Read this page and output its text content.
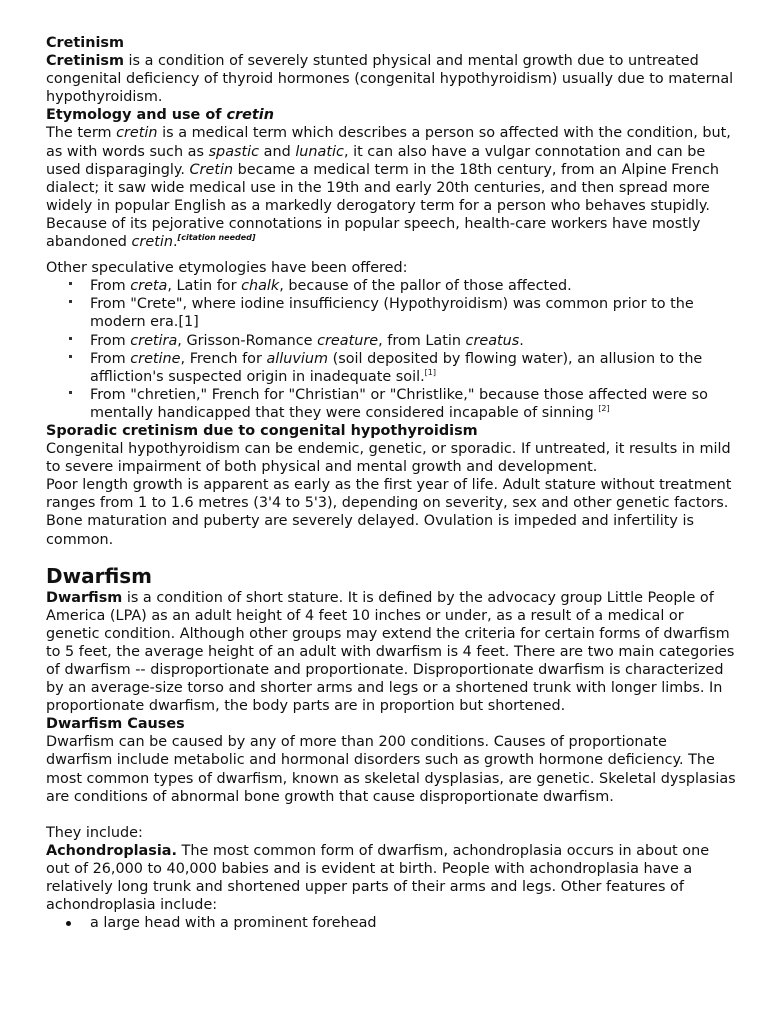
Cretinism

Cretinism is a condition of severely stunted physical and mental growth due to untreated congenital deficiency of thyroid hormones (congenital hypothyroidism) usually due to maternal hypothyroidism.

Etymology and use of cretin

The term cretin is a medical term which describes a person so affected with the condition, but, as with words such as spastic and lunatic, it can also have a vulgar connotation and can be used disparagingly. Cretin became a medical term in the 18th century, from an Alpine French dialect; it saw wide medical use in the 19th and early 20th centuries, and then spread more widely in popular English as a markedly derogatory term for a person who behaves stupidly. Because of its pejorative connotations in popular speech, health-care workers have mostly abandoned cretin.[citation needed]

Other speculative etymologies have been offered:

From creta, Latin for chalk, because of the pallor of those affected.
From "Crete", where iodine insufficiency (Hypothyroidism) was common prior to the modern era.[1]
From cretira, Grisson-Romance creature, from Latin creatus.
From cretine, French for alluvium (soil deposited by flowing water), an allusion to the affliction's suspected origin in inadequate soil.[1]
From "chretien," French for "Christian" or "Christlike," because those affected were so mentally handicapped that they were considered incapable of sinning [2]

Sporadic cretinism due to congenital hypothyroidism

Congenital hypothyroidism can be endemic, genetic, or sporadic. If untreated, it results in mild to severe impairment of both physical and mental growth and development.

Poor length growth is apparent as early as the first year of life. Adult stature without treatment ranges from 1 to 1.6 metres (3'4 to 5'3), depending on severity, sex and other genetic factors. Bone maturation and puberty are severely delayed. Ovulation is impeded and infertility is common.

Dwarfism

Dwarfism is a condition of short stature. It is defined by the advocacy group Little People of America (LPA) as an adult height of 4 feet 10 inches or under, as a result of a medical or genetic condition. Although other groups may extend the criteria for certain forms of dwarfism to 5 feet, the average height of an adult with dwarfism is 4 feet. There are two main categories of dwarfism -- disproportionate and proportionate. Disproportionate dwarfism is characterized by an average-size torso and shorter arms and legs or a shortened trunk with longer limbs. In proportionate dwarfism, the body parts are in proportion but shortened.

Dwarfism Causes

Dwarfism can be caused by any of more than 200 conditions. Causes of proportionate dwarfism include metabolic and hormonal disorders such as growth hormone deficiency. The most common types of dwarfism, known as skeletal dysplasias, are genetic. Skeletal dysplasias are conditions of abnormal bone growth that cause disproportionate dwarfism.

They include:

Achondroplasia. The most common form of dwarfism, achondroplasia occurs in about one out of 26,000 to 40,000 babies and is evident at birth. People with achondroplasia have a relatively long trunk and shortened upper parts of their arms and legs. Other features of achondroplasia include:

a large head with a prominent forehead
